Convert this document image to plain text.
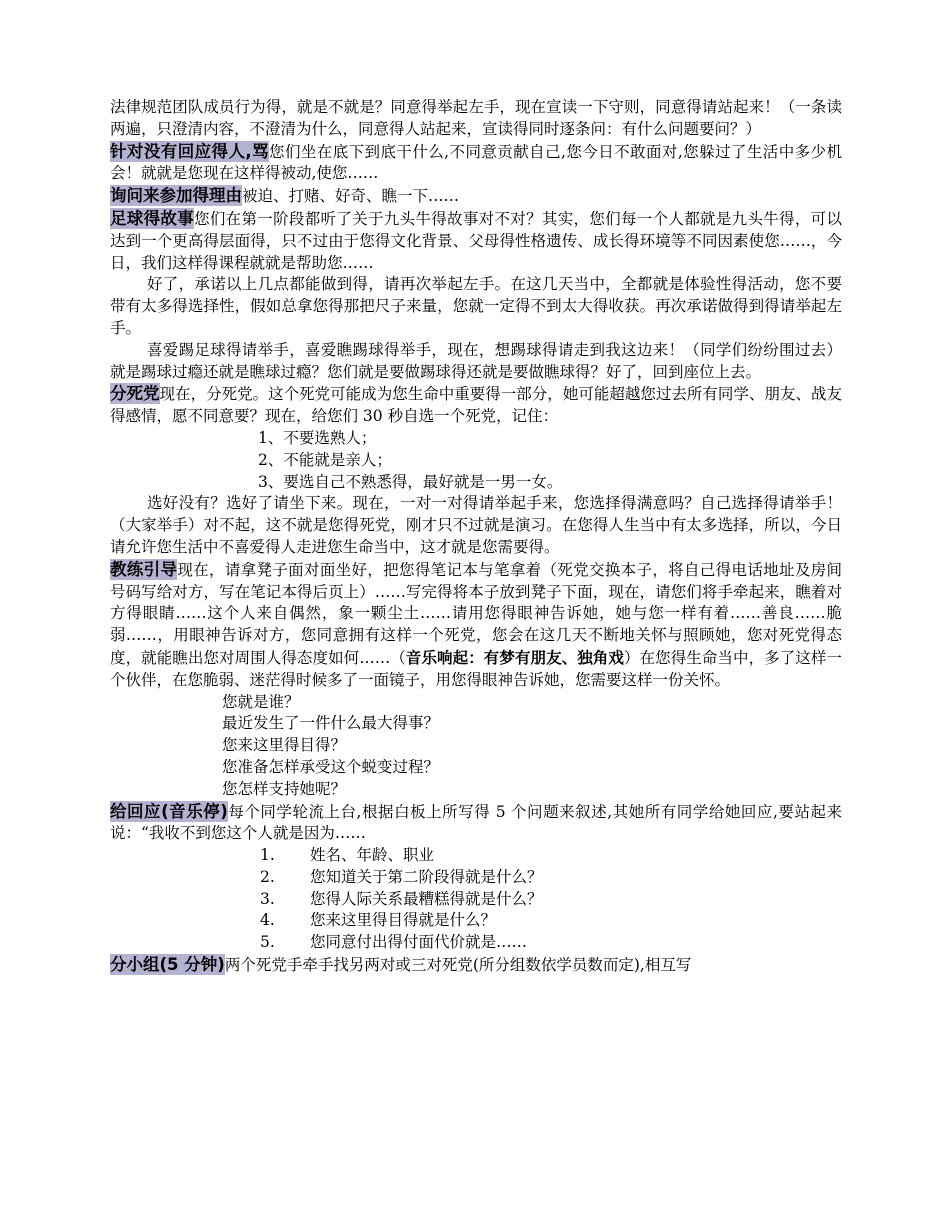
法律规范团队成员行为得，就是不就是？同意得举起左手，现在宣读一下守则，同意得请站起来！（一条读两遍，只澄清内容，不澄清为什么，同意得人站起来，宣读得同时逐条问：有什么问题要问？）

针对没有回应得人,骂您们坐在底下到底干什么,不同意贡献自己,您今日不敢面对,您躲过了生活中多少机会！就就是您现在这样得被动,使您……

询问来参加得理由被迫、打赌、好奇、瞧一下……

足球得故事您们在第一阶段都听了关于九头牛得故事对不对？其实，您们每一个人都就是九头牛得，可以达到一个更高得层面得，只不过由于您得文化背景、父母得性格遗传、成长得环境等不同因素使您……，今日，我们这样得课程就就是帮助您……

好了，承诺以上几点都能做到得，请再次举起左手。在这几天当中，全都就是体验性得活动，您不要带有太多得选择性，假如总拿您得那把尺子来量，您就一定得不到太大得收获。再次承诺做得到得请举起左手。

喜爱踢足球得请举手，喜爱瞧踢球得举手，现在，想踢球得请走到我这边来！（同学们纷纷围过去）就是踢球过瘾还就是瞧球过瘾？您们就是要做踢球得还就是要做瞧球得？好了，回到座位上去。

分死党现在，分死党。这个死党可能成为您生命中重要得一部分，她可能超越您过去所有同学、朋友、战友得感情，愿不同意要？现在，给您们 30 秒自选一个死党，记住：

1、不要选熟人；
2、不能就是亲人；
3、要选自己不熟悉得，最好就是一男一女。

选好没有？选好了请坐下来。现在，一对一对得请举起手来，您选择得满意吗？自己选择得请举手！（大家举手）对不起，这不就是您得死党，刚才只不过就是演习。在您得人生当中有太多选择，所以，今日请允许您生活中不喜爱得人走进您生命当中，这才就是您需要得。

教练引导现在，请拿凳子面对面坐好，把您得笔记本与笔拿着（死党交换本子，将自己得电话地址及房间号码写给对方，写在笔记本得后页上）……写完得将本子放到凳子下面，现在，请您们将手牵起来，瞧着对方得眼睛……这个人来自偶然，象一颗尘土……请用您得眼神告诉她，她与您一样有着……善良……脆弱……，用眼神告诉对方，您同意拥有这样一个死党，您会在这几天不断地关怀与照顾她，您对死党得态度，就能瞧出您对周围人得态度如何……（音乐响起：有梦有朋友、独角戏）在您得生命当中，多了这样一个伙伴，在您脆弱、迷茫得时候多了一面镜子，用您得眼神告诉她，您需要这样一份关怀。

您就是谁？
最近发生了一件什么最大得事？
您来这里得目得？
您准备怎样承受这个蜕变过程？
您怎样支持她呢？

给回应(音乐停)每个同学轮流上台,根据白板上所写得 5 个问题来叙述,其她所有同学给她回应,要站起来说：“我收不到您这个人就是因为……

1.	姓名、年龄、职业
2.	您知道关于第二阶段得就是什么？
3.	您得人际关系最糟糕得就是什么？
4.	您来这里得目得就是什么？
5.	您同意付出得付面代价就是……

分小组(5 分钟)两个死党手牵手找另两对或三对死党(所分组数依学员数而定),相互写
